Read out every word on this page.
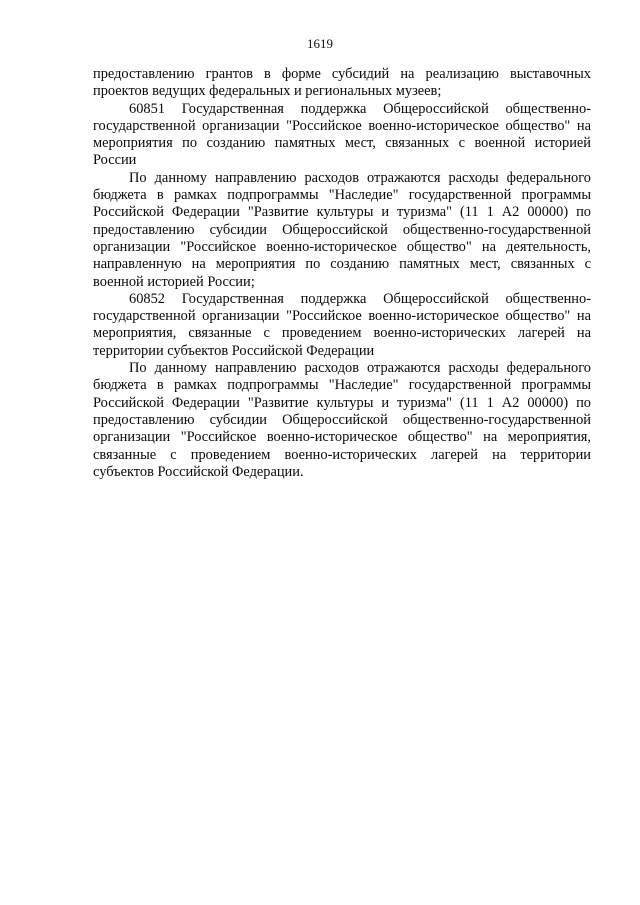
1619

предоставлению грантов в форме субсидий на реализацию выставочных проектов ведущих федеральных и региональных музеев;

60851 Государственная поддержка Общероссийской общественно-государственной организации "Российское военно-историческое общество" на мероприятия по созданию памятных мест, связанных с военной историей России

По данному направлению расходов отражаются расходы федерального бюджета в рамках подпрограммы "Наследие" государственной программы Российской Федерации "Развитие культуры и туризма" (11 1 А2 00000) по предоставлению субсидии Общероссийской общественно-государственной организации "Российское военно-историческое общество" на деятельность, направленную на мероприятия по созданию памятных мест, связанных с военной историей России;

60852 Государственная поддержка Общероссийской общественно-государственной организации "Российское военно-историческое общество" на мероприятия, связанные с проведением военно-исторических лагерей на территории субъектов Российской Федерации

По данному направлению расходов отражаются расходы федерального бюджета в рамках подпрограммы "Наследие" государственной программы Российской Федерации "Развитие культуры и туризма" (11 1 А2 00000) по предоставлению субсидии Общероссийской общественно-государственной организации "Российское военно-историческое общество" на мероприятия, связанные с проведением военно-исторических лагерей на территории субъектов Российской Федерации.
